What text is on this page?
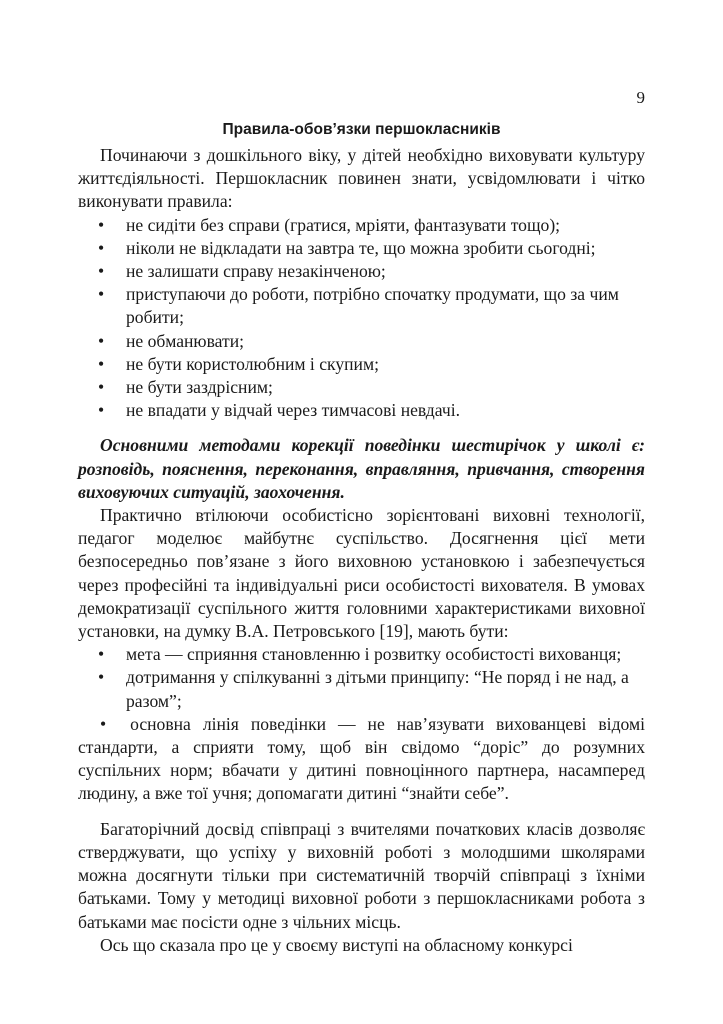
9
Правила-обов’язки першокласників

Починаючи з дошкільного віку, у дітей необхідно виховувати культуру життєдіяльності. Першокласник повинен знати, усвідомлювати і чітко виконувати правила:

• не сидіти без справи (гратися, мріяти, фантазувати тощо);
• ніколи не відкладати на завтра те, що можна зробити сьогодні;
• не залишати справу незакінченою;
• приступаючи до роботи, потрібно спочатку продумати, що за чим робити;
• не обманювати;
• не бути користолюбним і скупим;
• не бути заздрісним;
• не впадати у відчай через тимчасові невдачі.

Основними методами корекції поведінки шестирічок у школі є: розповідь, пояснення, переконання, вправляння, привчання, створення виховуючих ситуацій, заохочення.

Практично втілюючи особистісно зорієнтовані виховні технології, педагог моделює майбутнє суспільство. Досягнення цієї мети безпосередньо пов’язане з його виховною установкою і забезпечується через професійні та індивідуальні риси особистості вихователя. В умовах демократизації суспільного життя головними характеристиками виховної установки, на думку В.А. Петровського [19], мають бути:

• мета — сприяння становленню і розвитку особистості вихованця;
• дотримання у спілкуванні з дітьми принципу: “Не поряд і не над, а разом”;

• основна лінія поведінки — не нав’язувати вихованцеві відомі стандарти, а сприяти тому, щоб він свідомо “доріс” до розумних суспільних норм; вбачати у дитині повноцінного партнера, насамперед людину, а вже тої учня; допомагати дитині “знайти себе”.

Багаторічний досвід співпраці з вчителями початкових класів дозволяє стверджувати, що успіху у виховній роботі з молодшими школярами можна досягнути тільки при систематичній творчій співпраці з їхніми батьками. Тому у методиці виховної роботи з першокласниками робота з батьками має посісти одне з чільних місць.

Ось що сказала про це у своєму виступі на обласному конкурсі
